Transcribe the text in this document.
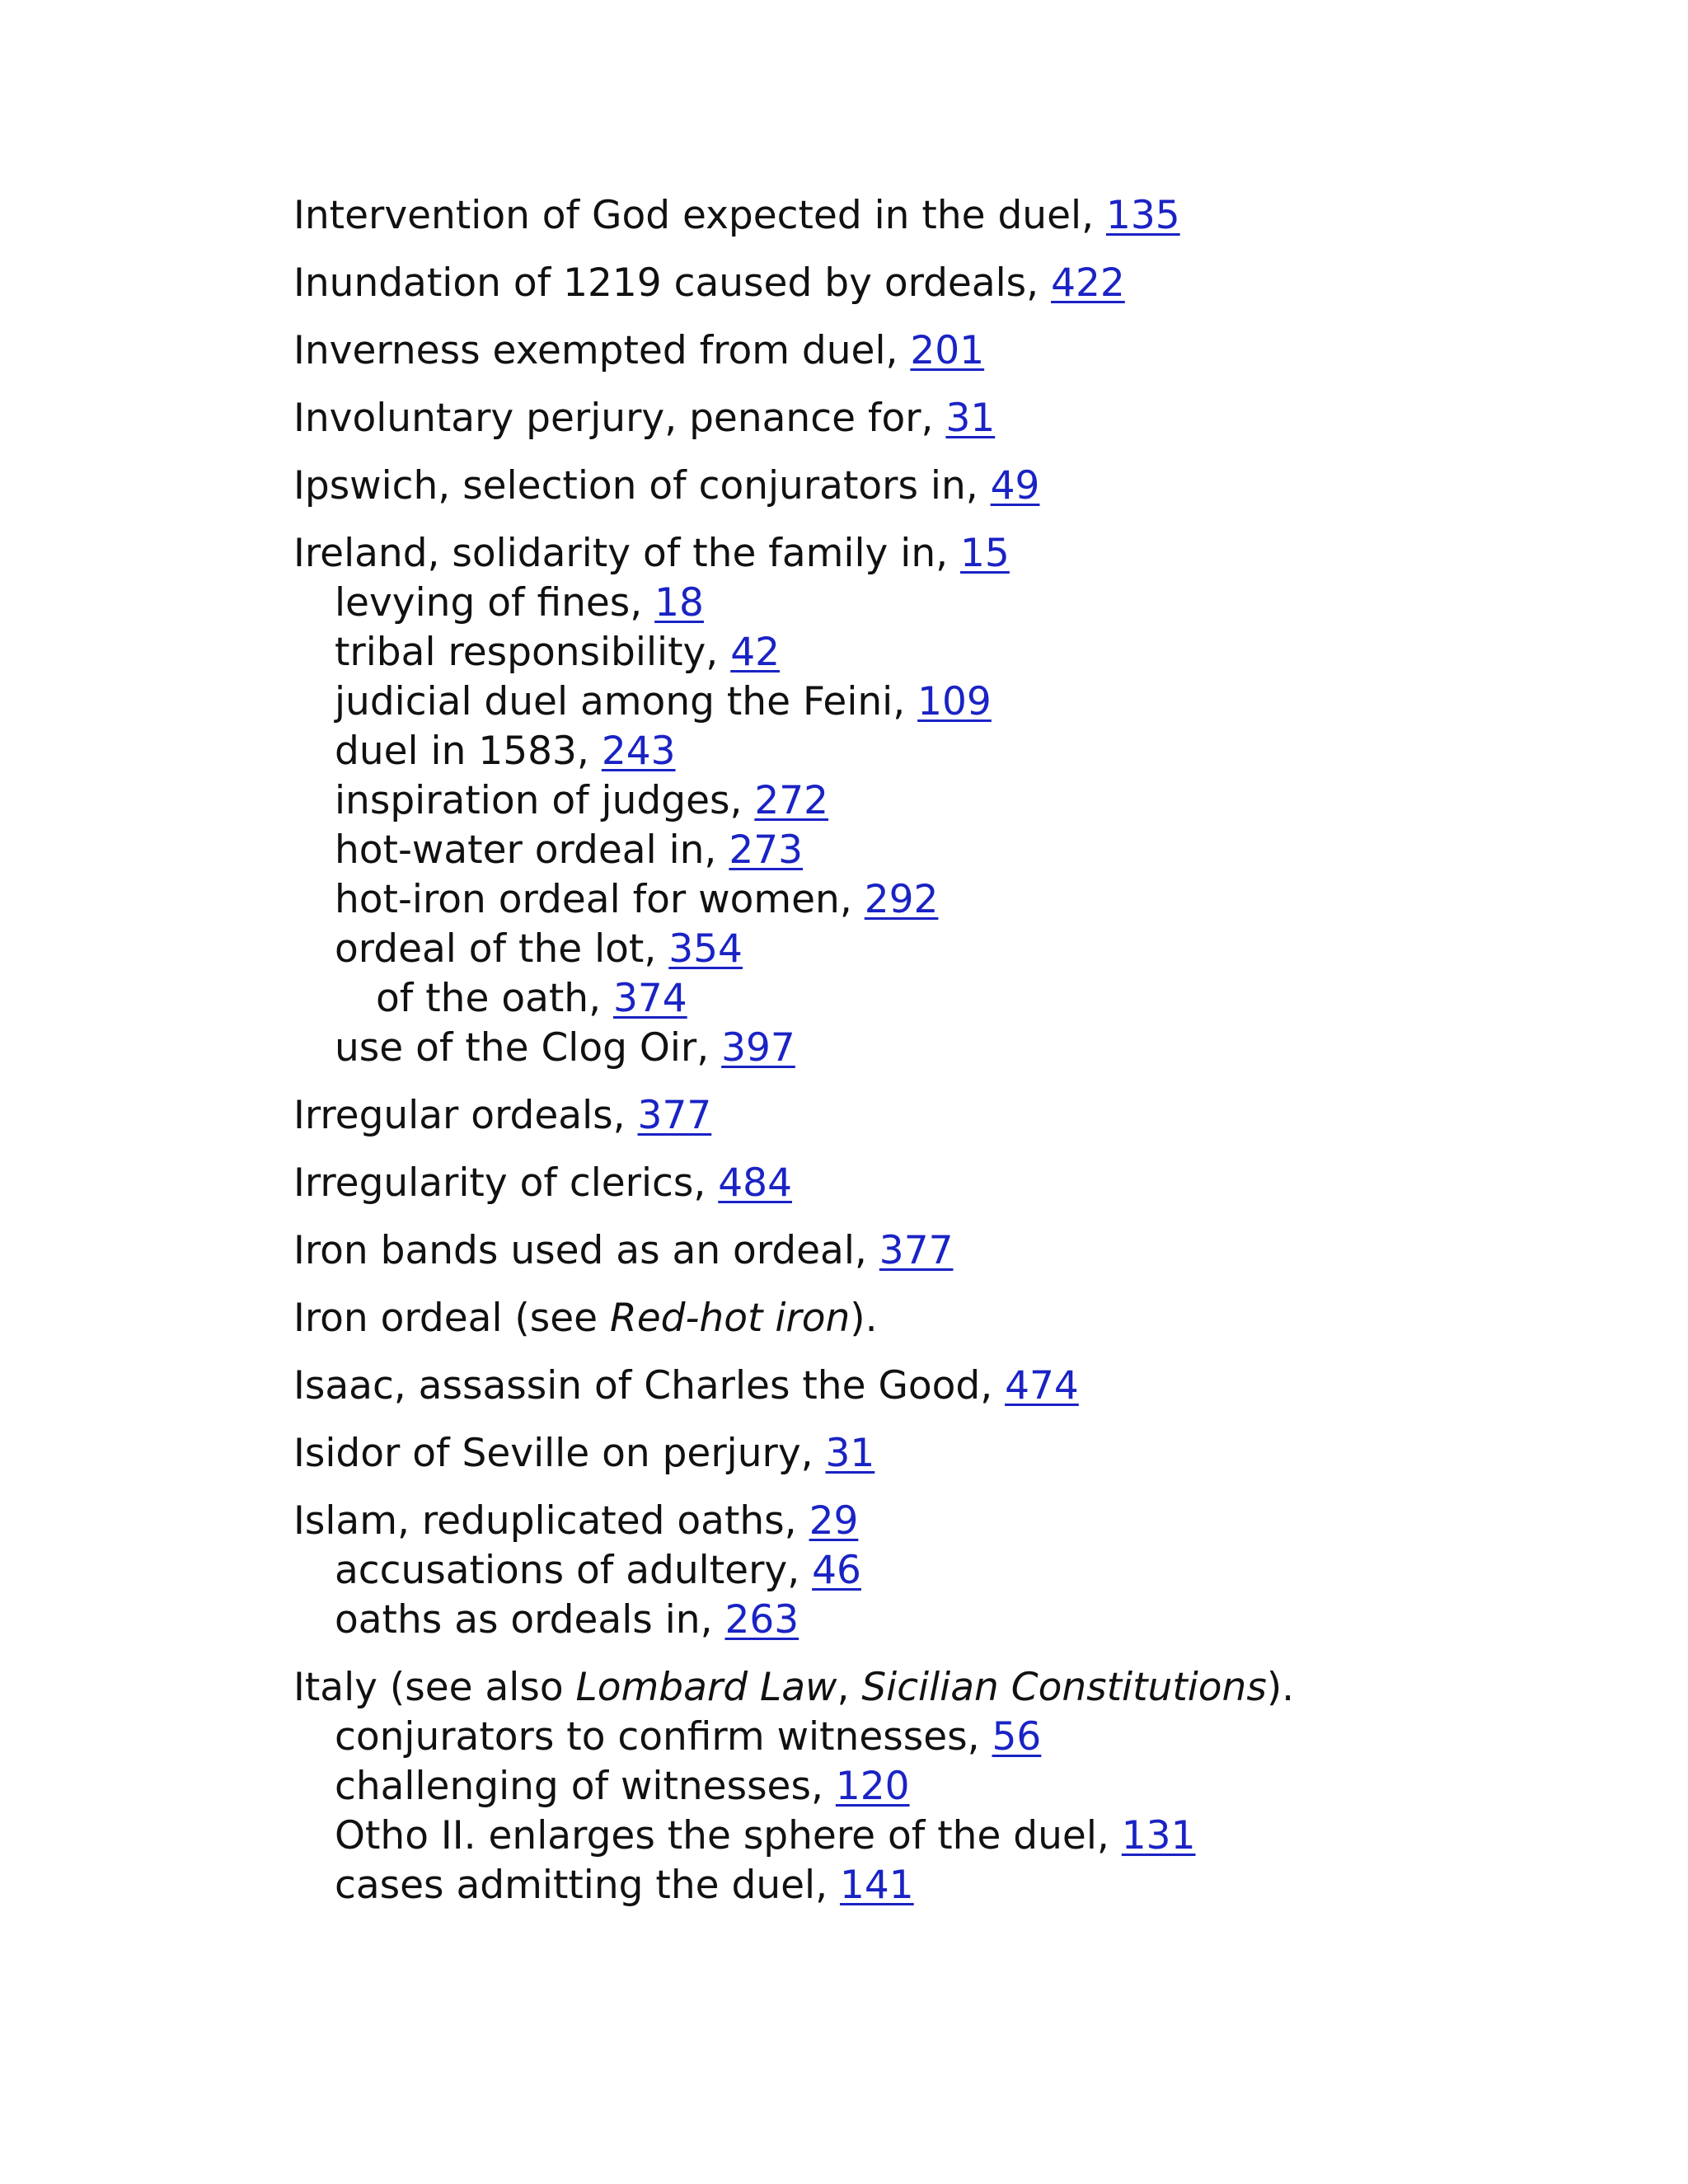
Intervention of God expected in the duel, 135
Inundation of 1219 caused by ordeals, 422
Inverness exempted from duel, 201
Involuntary perjury, penance for, 31
Ipswich, selection of conjurators in, 49
Ireland, solidarity of the family in, 15
levying of fines, 18
tribal responsibility, 42
judicial duel among the Feini, 109
duel in 1583, 243
inspiration of judges, 272
hot-water ordeal in, 273
hot-iron ordeal for women, 292
ordeal of the lot, 354
of the oath, 374
use of the Clog Oir, 397
Irregular ordeals, 377
Irregularity of clerics, 484
Iron bands used as an ordeal, 377
Iron ordeal (see Red-hot iron).
Isaac, assassin of Charles the Good, 474
Isidor of Seville on perjury, 31
Islam, reduplicated oaths, 29
accusations of adultery, 46
oaths as ordeals in, 263
Italy (see also Lombard Law, Sicilian Constitutions).
conjurators to confirm witnesses, 56
challenging of witnesses, 120
Otho II. enlarges the sphere of the duel, 131
cases admitting the duel, 141
